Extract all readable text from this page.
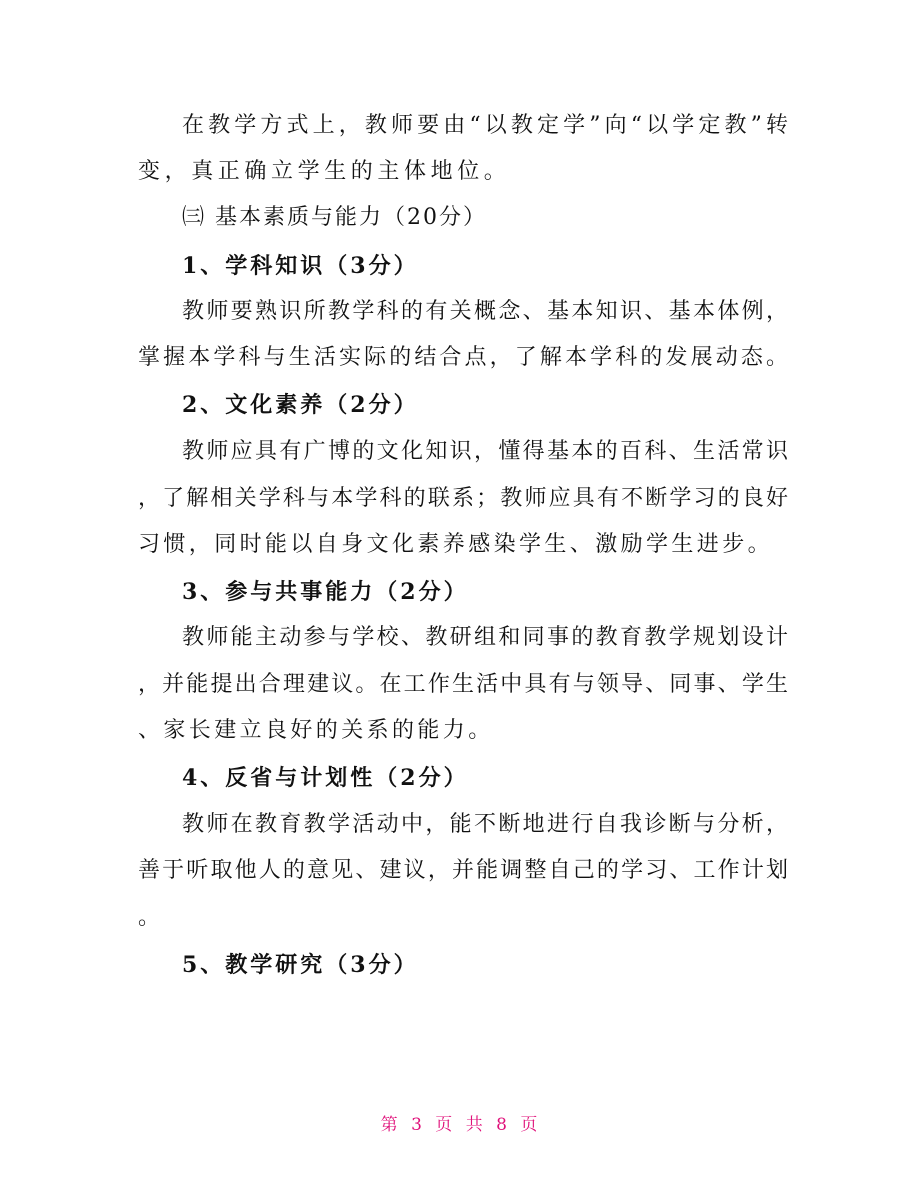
在教学方式上，教师要由“以教定学”向“以学定教”转
变，真正确立学生的主体地位。
㈢ 基本素质与能力（20分）
1、学科知识（3分）
教师要熟识所教学科的有关概念、基本知识、基本体例，
掌握本学科与生活实际的结合点，了解本学科的发展动态。
2、文化素养（2分）
教师应具有广博的文化知识，懂得基本的百科、生活常识
，了解相关学科与本学科的联系；教师应具有不断学习的良好
习惯，同时能以自身文化素养感染学生、激励学生进步。
3、参与共事能力（2分）
教师能主动参与学校、教研组和同事的教育教学规划设计
，并能提出合理建议。在工作生活中具有与领导、同事、学生
、家长建立良好的关系的能力。
4、反省与计划性（2分）
教师在教育教学活动中，能不断地进行自我诊断与分析，
善于听取他人的意见、建议，并能调整自己的学习、工作计划
。
5、教学研究（3分）
第 3 页 共 8 页
